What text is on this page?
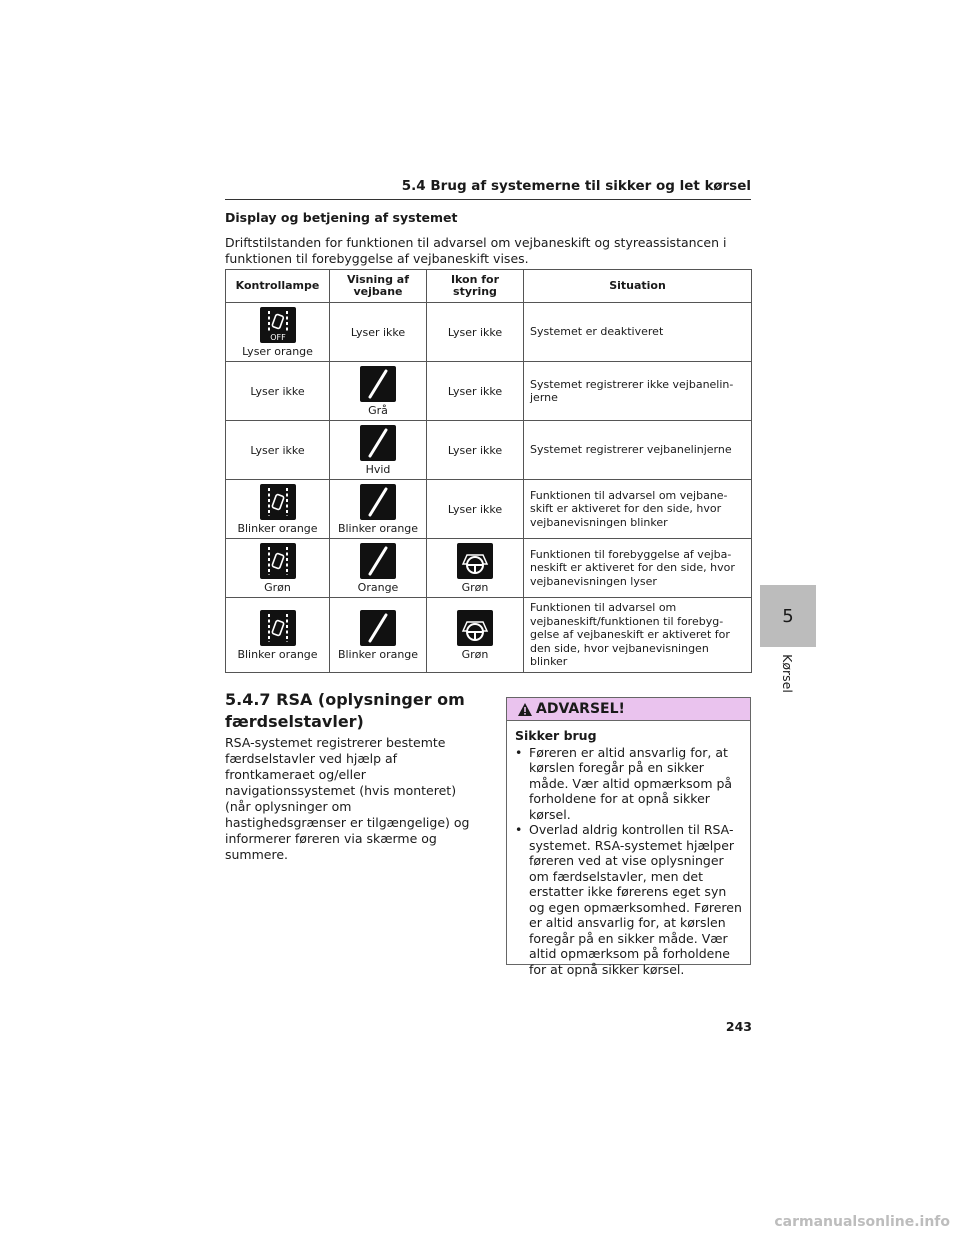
5.4 Brug af systemerne til sikker og let kørsel
Display og betjening af systemet
Driftstilstanden for funktionen til advarsel om vejbaneskift og styreassistancen i funktionen til forebyggelse af vejbaneskift vises.
Kontrollampe	Visning af vejbane	Ikon for styring	Situation

OFF
Lyser orange	Lyser ikke	Lyser ikke	Systemet er deaktiveret
Lyser ikke	Grå	Lyser ikke	Systemet registrerer ikke vejbanelin-jerne
Lyser ikke	Hvid	Lyser ikke	Systemet registrerer vejbanelinjerne

Blinker orange	Blinker orange	Lyser ikke	Funktionen til advarsel om vejbane-skift er aktiveret for den side, hvor vejbanevisningen blinker

Grøn	Orange	Grøn	Funktionen til forebyggelse af vejba-neskift er aktiveret for den side, hvor vejbanevisningen lyser

Blinker orange	Blinker orange	Grøn	Funktionen til advarsel om vejbaneskift/funktionen til forebyg-gelse af vejbaneskift er aktiveret for den side, hvor vejbanevisningen blinker
5.4.7 RSA (oplysninger om færdselstavler)
RSA-systemet registrerer bestemte færdselstavler ved hjælp af frontkameraet og/eller navigationssystemet (hvis monteret) (når oplysninger om hastighedsgrænser er tilgængelige) og informerer føreren via skærme og summere.
ADVARSEL!
Sikker brug
• Føreren er altid ansvarlig for, at kørslen foregår på en sikker måde. Vær altid opmærksom på forholdene for at opnå sikker kørsel.
• Overlad aldrig kontrollen til RSA-systemet. RSA-systemet hjælper føreren ved at vise oplysninger om færdselstavler, men det erstatter ikke førerens eget syn og egen opmærksomhed. Føreren er altid ansvarlig for, at kørslen foregår på en sikker måde. Vær altid opmærksom på forholdene for at opnå sikker kørsel.
5
Kørsel
243
carmanualsonline.info
